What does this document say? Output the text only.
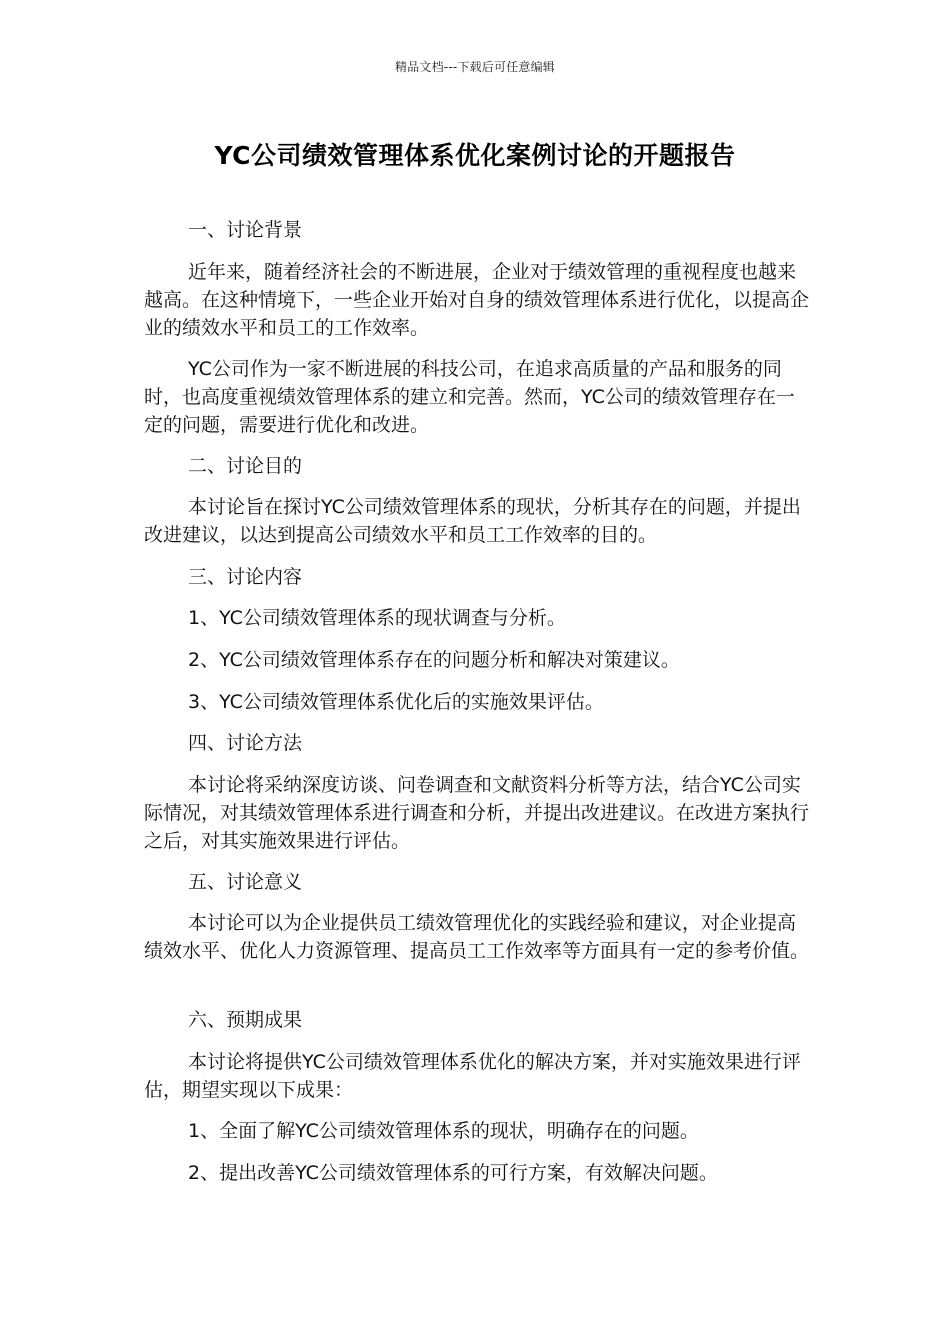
精品文档---下载后可任意编辑
YC公司绩效管理体系优化案例讨论的开题报告
一、讨论背景
近年来，随着经济社会的不断进展，企业对于绩效管理的重视程度也越来越高。在这种情境下，一些企业开始对自身的绩效管理体系进行优化，以提高企业的绩效水平和员工的工作效率。
YC公司作为一家不断进展的科技公司，在追求高质量的产品和服务的同时，也高度重视绩效管理体系的建立和完善。然而，YC公司的绩效管理存在一定的问题，需要进行优化和改进。
二、讨论目的
本讨论旨在探讨YC公司绩效管理体系的现状，分析其存在的问题，并提出改进建议，以达到提高公司绩效水平和员工工作效率的目的。
三、讨论内容
1、YC公司绩效管理体系的现状调查与分析。
2、YC公司绩效管理体系存在的问题分析和解决对策建议。
3、YC公司绩效管理体系优化后的实施效果评估。
四、讨论方法
本讨论将采纳深度访谈、问卷调查和文献资料分析等方法，结合YC公司实际情况，对其绩效管理体系进行调查和分析，并提出改进建议。在改进方案执行之后，对其实施效果进行评估。
五、讨论意义
本讨论可以为企业提供员工绩效管理优化的实践经验和建议，对企业提高绩效水平、优化人力资源管理、提高员工工作效率等方面具有一定的参考价值。
六、预期成果
本讨论将提供YC公司绩效管理体系优化的解决方案，并对实施效果进行评估，期望实现以下成果：
1、全面了解YC公司绩效管理体系的现状，明确存在的问题。
2、提出改善YC公司绩效管理体系的可行方案，有效解决问题。
